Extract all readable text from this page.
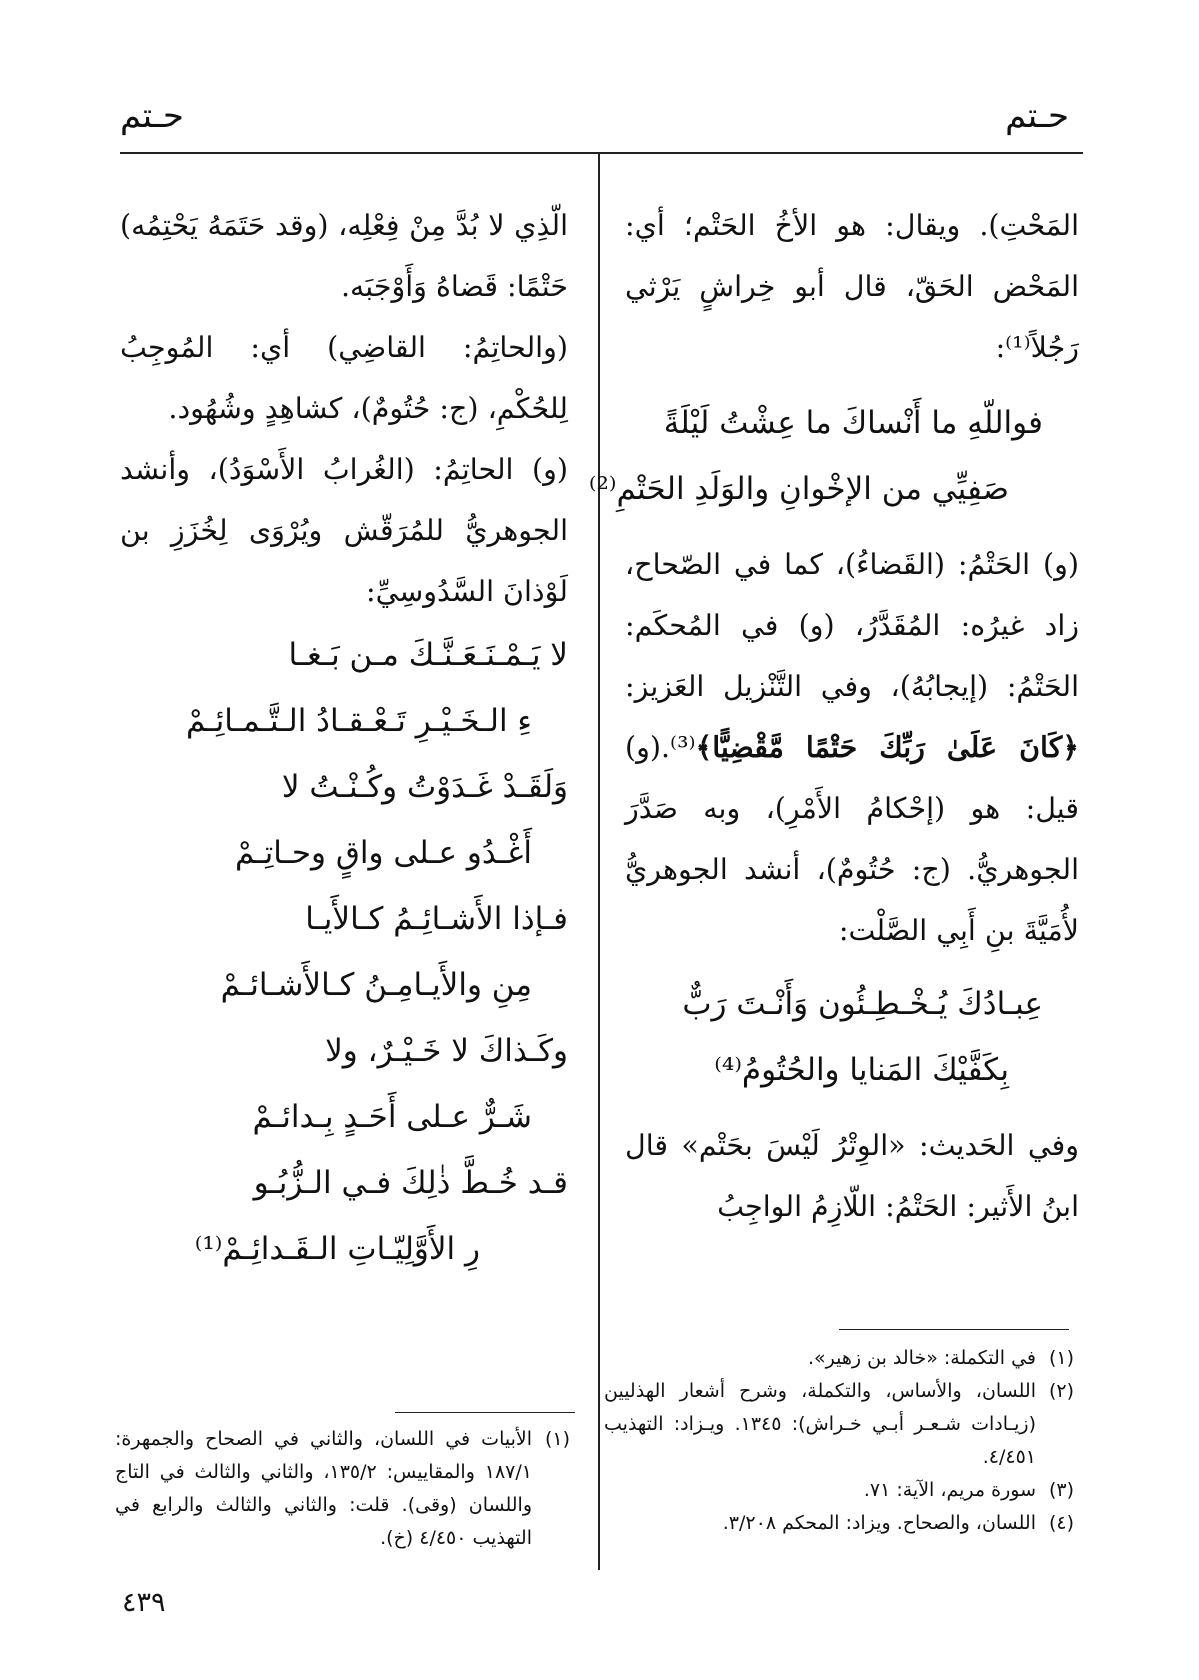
حـتم
حـتم

المَحْتِ). ويقال: هو الأخُ الحَتْم؛ أي: المَحْض الحَقّ، قال أبو خِراشٍ يَرْثي رَجُلاً⁽¹⁾:

فواللّهِ ما أَنْساكَ ما عِشْتُ لَيْلَةً

صَفِيِّي من الإخْوانِ والوَلَدِ الحَتْمِ⁽²⁾

(و) الحَتْمُ: (القَضاءُ)، كما في الصّحاح، زاد غيرُه: المُقَدَّرُ، (و) في المُحكَم: الحَتْمُ: (إيجابُهُ)، وفي التَّنْزيل العَزيز: ﴿كَانَ عَلَىٰ رَبِّكَ حَتْمًا مَّقْضِيًّا﴾⁽³⁾.(و) قيل: هو (إحْكامُ الأَمْرِ)، وبه صَدَّرَ الجوهريُّ. (ج: حُتُومٌ)، أنشد الجوهريُّ لأُمَيَّةَ بنِ أَبِي الصَّلْت:

عِبـادُكَ يُـخْـطِـئُون وَأَنْـتَ رَبٌّ

بِكَفَّيْكَ المَنايا والحُتُومُ⁽⁴⁾

وفي الحَديث: «الوِتْرُ لَيْسَ بحَتْم» قال ابنُ الأَثير: الحَتْمُ: اللّازِمُ الواجِبُ

الّذِي لا بُدَّ مِنْ فِعْلِه، (وقد حَتَمَهُ يَحْتِمُه) حَتْمًا: قَضاهُ وَأَوْجَبَه.

(والحاتِمُ: القاضِي) أي: المُوجِبُ لِلحُكْمِ، (ج: حُتُومٌ)، كشاهِدٍ وشُهُود.

(و) الحاتِمُ: (الغُرابُ الأَسْوَدُ)، وأنشد الجوهريُّ للمُرَقّش ويُرْوَى لِخُزَزِ بن لَوْذانَ السَّدُوسِيِّ:

لا يَـمْـنَـعَـنَّـكَ مـن بَـغـا

ءِ الـخَـيْـرِ تَـعْـقـادُ الـتَّـمـائِـمْ

وَلَقَـدْ غَـدَوْتُ وكُـنْـتُ لا

أَغْـدُو عـلى واقٍ وحـاتِـمْ

فـإذا الأَشـائِـمُ كـالأَيـا

مِنِ والأَيـامِـنُ كـالأَشـائـمْ

وكَـذاكَ لا خَـيْـرٌ، ولا

شَـرٌّ عـلى أَحَـدٍ بِـدائـمْ

قـد خُـطَّ ذٰلِكَ فـي الـزُّبُـو

رِ الأَوَّلِيّـاتِ الـقَـدائِـمْ⁽¹⁾

(١)
في التكملة: «خالد بن زهير».

(٢)
اللسان، والأساس، والتكملة، وشرح أشعار الهذليين (زيـادات شـعـر أبـي خـراش): ١٣٤٥. ويـزاد: التهذيب ٤/٤٥١.

(٣)
سورة مريم، الآية: ٧١.

(٤)
اللسان، والصحاح. ويزاد: المحكم ٣/٢٠٨.

(١)
الأبيات في اللسان، والثاني في الصحاح والجمهرة: ١٨٧/١ والمقاييس: ١٣٥/٢، والثاني والثالث في التاج واللسان (وقى). قلت: والثاني والثالث والرابع في التهذيب ٤/٤٥٠ (خ).

٤٣٩
